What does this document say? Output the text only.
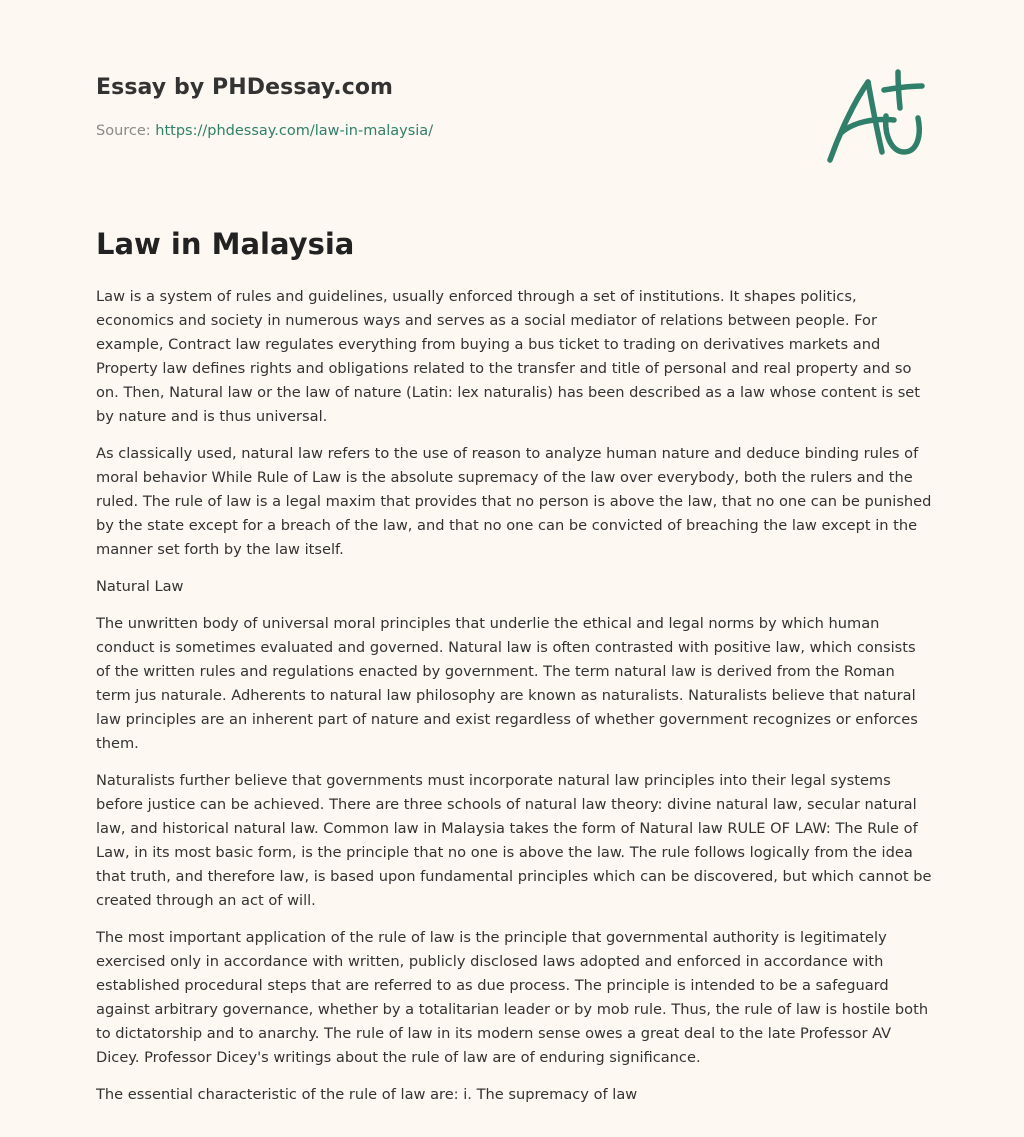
Essay by PHDessay.com
Source: https://phdessay.com/law-in-malaysia/
Law in Malaysia

Law is a system of rules and guidelines, usually enforced through a set of institutions. It shapes politics, economics and society in numerous ways and serves as a social mediator of relations between people. For example, Contract law regulates everything from buying a bus ticket to trading on derivatives markets and Property law defines rights and obligations related to the transfer and title of personal and real property and so on. Then, Natural law or the law of nature (Latin: lex naturalis) has been described as a law whose content is set by nature and is thus universal.

As classically used, natural law refers to the use of reason to analyze human nature and deduce binding rules of moral behavior While Rule of Law is the absolute supremacy of the law over everybody, both the rulers and the ruled. The rule of law is a legal maxim that provides that no person is above the law, that no one can be punished by the state except for a breach of the law, and that no one can be convicted of breaching the law except in the manner set forth by the law itself.

Natural Law

The unwritten body of universal moral principles that underlie the ethical and legal norms by which human conduct is sometimes evaluated and governed. Natural law is often contrasted with positive law, which consists of the written rules and regulations enacted by government. The term natural law is derived from the Roman term jus naturale. Adherents to natural law philosophy are known as naturalists. Naturalists believe that natural law principles are an inherent part of nature and exist regardless of whether government recognizes or enforces them.

Naturalists further believe that governments must incorporate natural law principles into their legal systems before justice can be achieved. There are three schools of natural law theory: divine natural law, secular natural law, and historical natural law. Common law in Malaysia takes the form of Natural law RULE OF LAW: The Rule of Law, in its most basic form, is the principle that no one is above the law. The rule follows logically from the idea that truth, and therefore law, is based upon fundamental principles which can be discovered, but which cannot be created through an act of will.

The most important application of the rule of law is the principle that governmental authority is legitimately exercised only in accordance with written, publicly disclosed laws adopted and enforced in accordance with established procedural steps that are referred to as due process. The principle is intended to be a safeguard against arbitrary governance, whether by a totalitarian leader or by mob rule. Thus, the rule of law is hostile both to dictatorship and to anarchy. The rule of law in its modern sense owes a great deal to the late Professor AV Dicey. Professor Dicey's writings about the rule of law are of enduring significance.

The essential characteristic of the rule of law are: i. The supremacy of law
